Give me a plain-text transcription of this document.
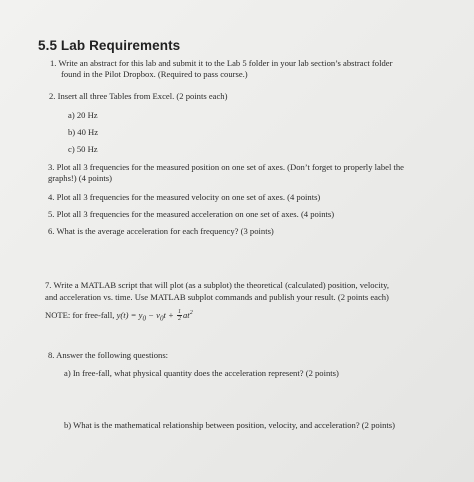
5.5 Lab Requirements
1. Write an abstract for this lab and submit it to the Lab 5 folder in your lab section’s abstract folder
found in the Pilot Dropbox. (Required to pass course.)
2. Insert all three Tables from Excel. (2 points each)
a) 20 Hz
b) 40 Hz
c) 50 Hz
3. Plot all 3 frequencies for the measured position on one set of axes. (Don’t forget to properly label the
graphs!) (4 points)
4. Plot all 3 frequencies for the measured velocity on one set of axes. (4 points)
5. Plot all 3 frequencies for the measured acceleration on one set of axes. (4 points)
6. What is the average acceleration for each frequency? (3 points)
7. Write a MATLAB script that will plot (as a subplot) the theoretical (calculated) position, velocity,
and acceleration vs. time. Use MATLAB subplot commands and publish your result. (2 points each)
NOTE: for free-fall, $y(t) = y_0 - v_0t + \frac{1}{2} at^2$
8. Answer the following questions:
a) In free-fall, what physical quantity does the acceleration represent? (2 points)
b) What is the mathematical relationship between position, velocity, and acceleration? (2 points)
